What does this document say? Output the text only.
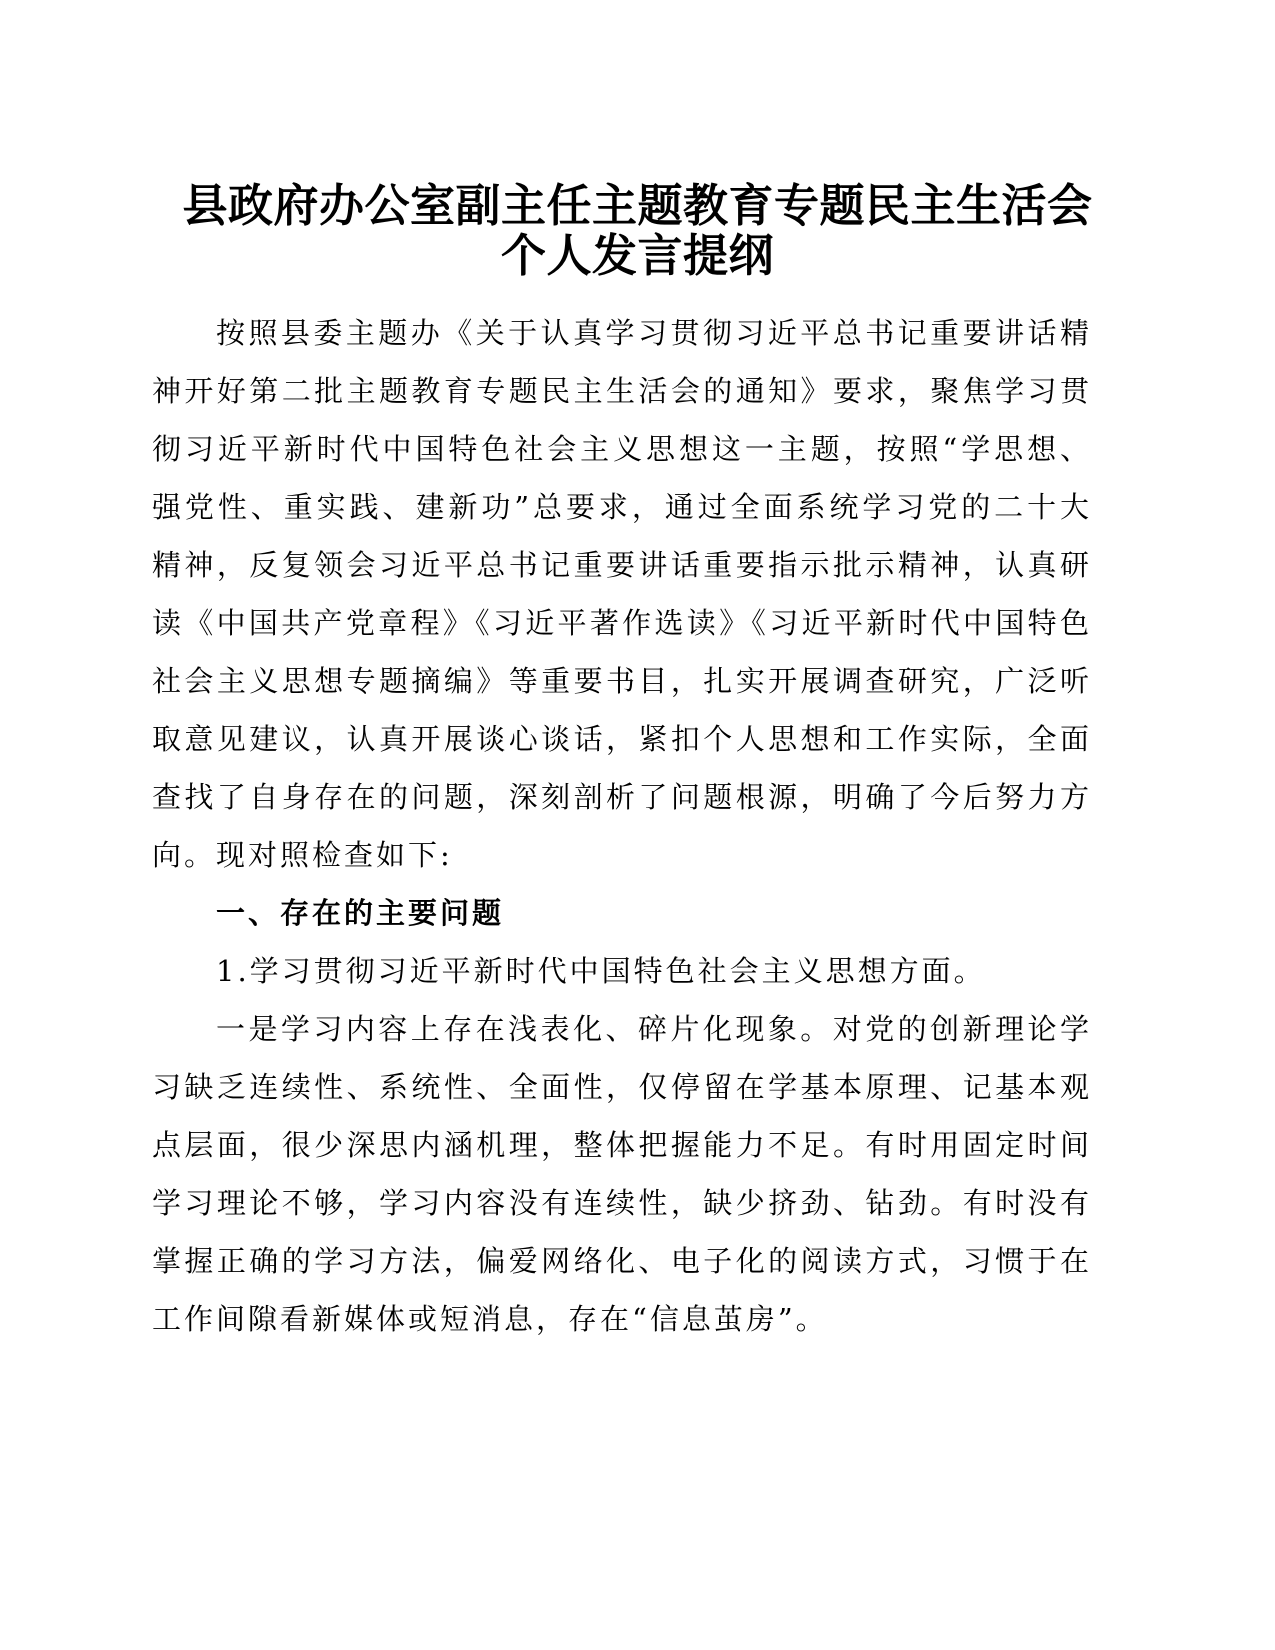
县政府办公室副主任主题教育专题民主生活会
个人发言提纲

按照县委主题办《关于认真学习贯彻习近平总书记重要讲话精神开好第二批主题教育专题民主生活会的通知》要求，聚焦学习贯彻习近平新时代中国特色社会主义思想这一主题，按照“学思想、强党性、重实践、建新功”总要求，通过全面系统学习党的二十大精神，反复领会习近平总书记重要讲话重要指示批示精神，认真研读《中国共产党章程》《习近平著作选读》《习近平新时代中国特色社会主义思想专题摘编》等重要书目，扎实开展调查研究，广泛听取意见建议，认真开展谈心谈话，紧扣个人思想和工作实际，全面查找了自身存在的问题，深刻剖析了问题根源，明确了今后努力方向。现对照检查如下:

一、存在的主要问题

1.学习贯彻习近平新时代中国特色社会主义思想方面。

一是学习内容上存在浅表化、碎片化现象。对党的创新理论学习缺乏连续性、系统性、全面性，仅停留在学基本原理、记基本观点层面，很少深思内涵机理，整体把握能力不足。有时用固定时间学习理论不够，学习内容没有连续性，缺少挤劲、钻劲。有时没有掌握正确的学习方法，偏爱网络化、电子化的阅读方式，习惯于在工作间隙看新媒体或短消息，存在“信息茧房”。
